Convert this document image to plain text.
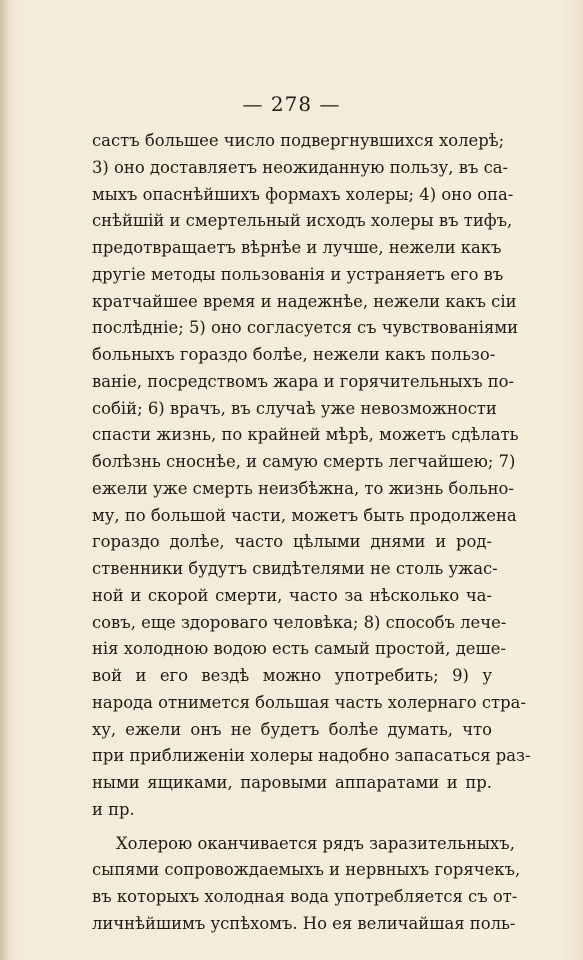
— 278 —
састъ большее число подвергнувшихся холерѣ;
3) оно доставляетъ неожиданную пользу, въ са-
мыхъ опаснѣйшихъ формахъ холеры; 4) оно опа-
снѣйшій и смертельный исходъ холеры въ тифъ,
предотвращаетъ вѣрнѣе и лучше, нежели какъ
другіе методы пользованія и устраняетъ его въ
кратчайшее время и надежнѣе, нежели какъ сіи
послѣдніе; 5) оно согласуется съ чувствованіями
больныхъ гораздо болѣе, нежели какъ пользо-
ваніе, посредствомъ жара и горячительныхъ по-
собій; 6) врачъ, въ случаѣ уже невозможности
спасти жизнь, по крайней мѣрѣ, можетъ сдѣлать
болѣзнь сноснѣе, и самую смерть легчайшею; 7)
ежели уже смерть неизбѣжна, то жизнь больно-
му, по большой части, можетъ быть продолжена
гораздо долѣе, часто цѣлыми днями и род-
ственники будутъ свидѣтелями не столь ужас-
ной и скорой смерти, часто за нѣсколько ча-
совъ, еще здороваго человѣка; 8) способъ лече-
нія холодною водою есть самый простой, деше-
вой и его вездѣ можно употребить; 9) у
народа отнимется большая часть холернаго стра-
ху, ежели онъ не будетъ болѣе думать, что
при приближеніи холеры надобно запасаться раз-
ными ящиками, паровыми аппаратами и пр.
и пр.
Холерою оканчивается рядъ заразительныхъ,
сыпями сопровождаемыхъ и нервныхъ горячекъ,
въ которыхъ холодная вода употребляется съ от-
личнѣйшимъ успѣхомъ. Но ея величайшая поль-
